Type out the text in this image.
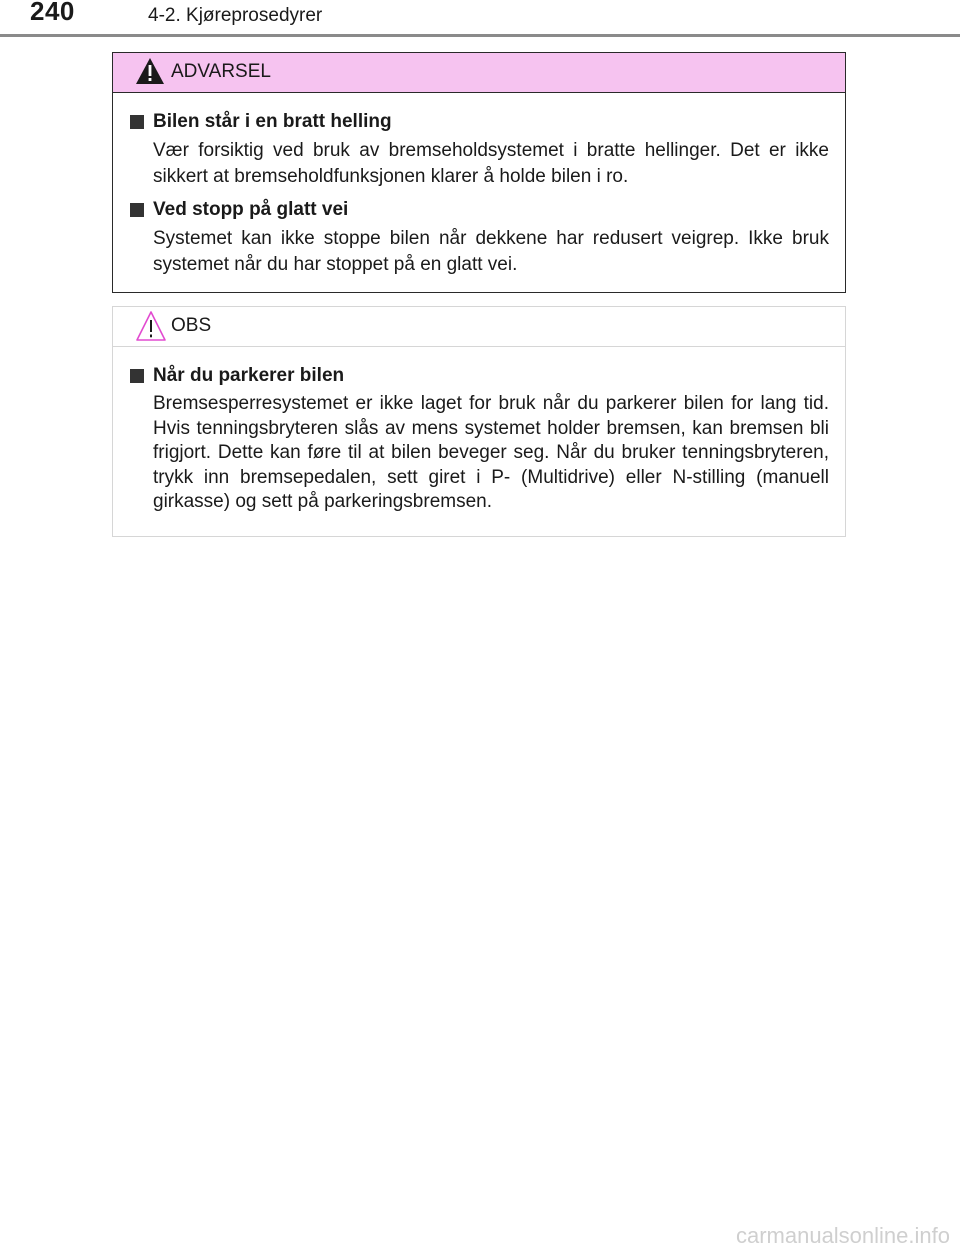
240	4-2. Kjøreprosedyrer
ADVARSEL
Bilen står i en bratt helling
Vær forsiktig ved bruk av bremseholdsystemet i bratte hellinger. Det er ikke sikkert at bremseholdfunksjonen klarer å holde bilen i ro.
Ved stopp på glatt vei
Systemet kan ikke stoppe bilen når dekkene har redusert veigrep. Ikke bruk systemet når du har stoppet på en glatt vei.
OBS
Når du parkerer bilen
Bremsesperresystemet er ikke laget for bruk når du parkerer bilen for lang tid. Hvis tenningsbryteren slås av mens systemet holder bremsen, kan bremsen bli frigjort. Dette kan føre til at bilen beveger seg. Når du bruker tenningsbryteren, trykk inn bremsepedalen, sett giret i P- (Multidrive) eller N-stilling (manuell girkasse) og sett på parkeringsbremsen.
carmanualsonline.info
